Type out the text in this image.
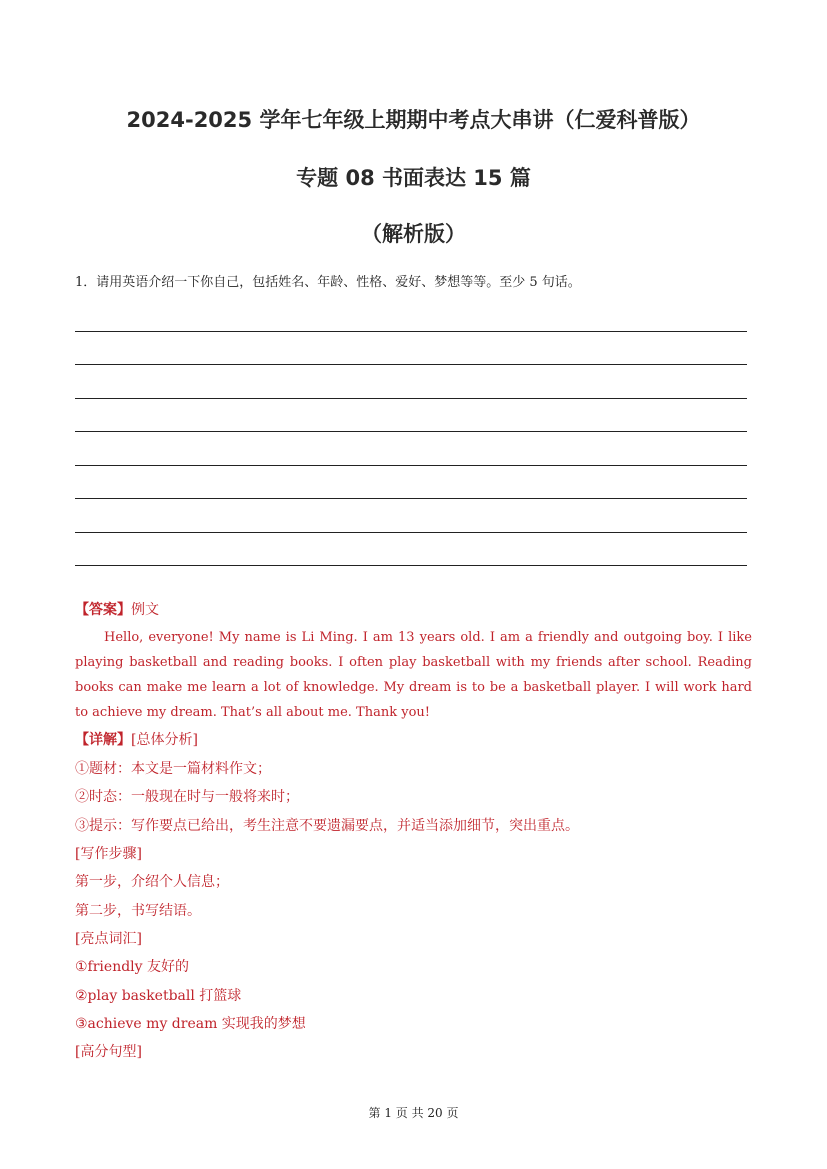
2024-2025 学年七年级上期期中考点大串讲（仁爱科普版）
专题 08 书面表达 15 篇
（解析版）
1．请用英语介绍一下你自己，包括姓名、年龄、性格、爱好、梦想等等。至少 5 句话。
【答案】例文

Hello, everyone! My name is Li Ming. I am 13 years old. I am a friendly and outgoing boy. I like playing basketball and reading books. I often play basketball with my friends after school. Reading books can make me learn a lot of knowledge. My dream is to be a basketball player. I will work hard to achieve my dream. That’s all about me. Thank you!

【详解】[总体分析]
①题材：本文是一篇材料作文；
②时态：一般现在时与一般将来时；
③提示：写作要点已给出，考生注意不要遗漏要点，并适当添加细节，突出重点。
[写作步骤]
第一步，介绍个人信息；
第二步，书写结语。
[亮点词汇]
①friendly 友好的
②play basketball 打篮球
③achieve my dream 实现我的梦想
[高分句型]
第 1 页 共 20 页
